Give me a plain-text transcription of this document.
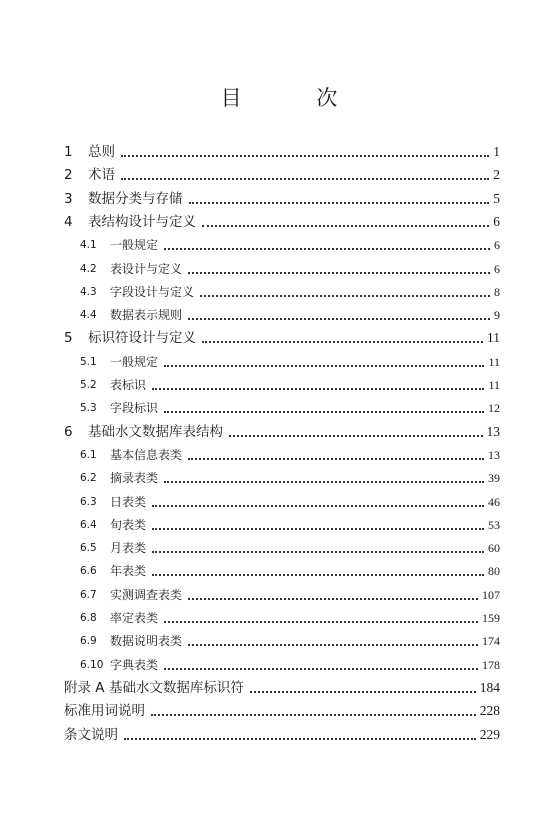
目 次
1	总则	1
2	术语	2
3	数据分类与存储	5
4	表结构设计与定义	6
4.1	一般规定	6
4.2	表设计与定义	6
4.3	字段设计与定义	8
4.4	数据表示规则	9
5	标识符设计与定义	11
5.1	一般规定	11
5.2	表标识	11
5.3	字段标识	12
6	基础水文数据库表结构	13
6.1	基本信息表类	13
6.2	摘录表类	39
6.3	日表类	46
6.4	旬表类	53
6.5	月表类	60
6.6	年表类	80
6.7	实测调查表类	107
6.8	率定表类	159
6.9	数据说明表类	174
6.10 字典表类	178
附录 A 基础水文数据库标识符	184
标准用词说明	228
条文说明	229
